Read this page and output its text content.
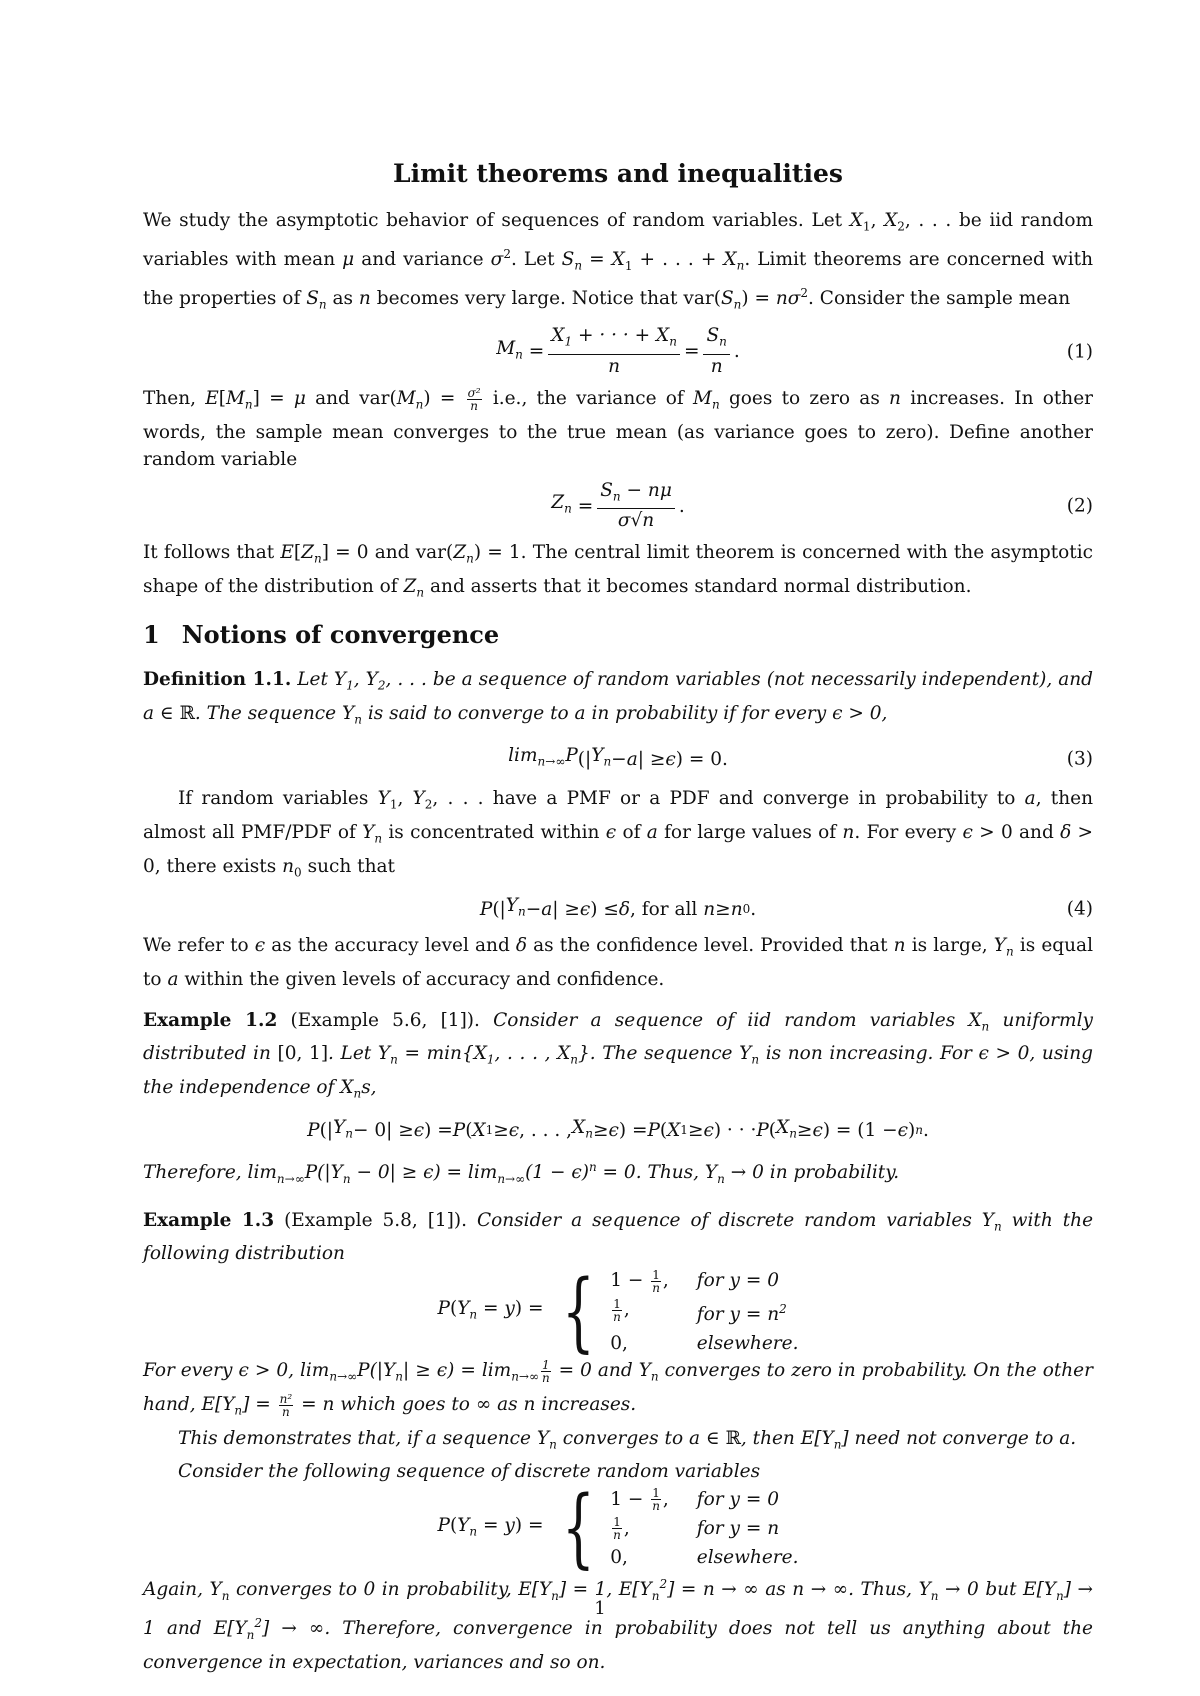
Limit theorems and inequalities

We study the asymptotic behavior of sequences of random variables. Let $X_1$, $X_2$, . . . be iid random variables with mean μ and variance $\sigma^2$. Let $S_n = X_1$ + . . . + $X_n$. Limit theorems are concerned with the properties of $S_n$ as n becomes very large. Notice that $var(S_n) = n\sigma^2$. Consider the sample mean

$M_n = \frac{X_1 + \cdot \cdot \cdot + X_n}{n} = \frac{S_n}{n}$ .	(1)

Then, $E[M_n] = \mu$ and $var(M_n) = \frac{\text{σ²}}{n} i.e$., the variance of $M_n$ goes to zero as n increases. In other words, the sample mean converges to the true mean (as variance goes to zero). Define another random variable

$Z_n = \frac{S_n - n\mu}{\sigma√n}$ .	(2)

It follows that $E[Z_n] = 0$ and $var(Z_n) = 1$. The central limit theorem is concerned with the asymptotic shape of the distribution of $Z_n$ and asserts that it becomes standard normal distribution.

1 Notions of convergence

Definition 1.1. Let $Y_1$, $Y_2$, . . . be a sequence of random variables (not necessarily independent), and a ∈ ℝ. The sequence $Y_n$ is said to converge to a in probability if for every ϵ > 0,

$\lim_{n\to\infty}P$ (| $Y_n - a$ | ≥ ϵ ) = 0.	(3)

If random variables $Y_1$, $Y_2$, . . . have a PMF or a PDF and converge in probability to a, then almost all PMF/PDF of $Y_n$ is concentrated within ϵ of a for large values of n. For every ϵ > 0 and δ > 0, there exists $n_0$ such that

P (| $Y_n - a$ | ≥ ϵ ) ≤ δ , for all
n ≥ n 0 .	(4)

We refer to ϵ as the accuracy level and δ as the confidence level. Provided that n is large, $Y_n$ is equal to a within the given levels of accuracy and confidence.

Example 1.2 (Example 5.6, [1]). Consider a sequence of iid random variables $X_n$ uniformly distributed in [0, 1]. Let $Y_n = \min\{X_1$, . . . , $X_n$}. The sequence $Y_n$ is non increasing. For ϵ > 0, using the independence of $X_ns$,

P (| $Y_n - 0| \ge \epsilon$ ) = P ( X 1 ≥ ϵ , . . . , $X_n \ge \epsilon$ ) = P ( X 1 ≥ ϵ ) · · · P ( $X_n \ge \epsilon$ ) = (1 − ϵ ) n .

Therefore, $\lim_{n\to\infty}P(|Y_n - 0| \ge \epsilon) = \lim_{n\to\infty}(1 - \epsilon)^n = 0$. Thus, $Y_n \to 0$ in probability.

Example 1.3 (Example 5.8, [1]). Consider a sequence of discrete random variables $Y_n$ with the following distribution

$P(Y_n = y)$ = { $1 - \frac{1}{n}$ , for y = 0
$\frac{1}{n}$ ,	for $y = n^2$
0,	elsewhere.

For every ϵ > 0, $\lim_{n\to\infty}P(|Y_n| \ge \epsilon) = \lim_{n\to\infty} \frac{1}{n} = 0$ and $Y_n$ converges to zero in probability. On the other hand, $E[Y_n] = \frac{\text{n²}}{n} = n$ which goes to ∞ as n increases.

This demonstrates that, if a sequence $Y_n$ converges to a ∈ ℝ, then $E[Y_n]$ need not converge to a.

Consider the following sequence of discrete random variables

$P(Y_n = y)$ = { $1 - \frac{1}{n}$ , for y = 0
$\frac{1}{n}$ ,	for y = n
0,	elsewhere.

Again, $Y_n$ converges to 0 in probability, $E[Y_n] = 1$, $E[Y_n^2] = n$ → ∞ as n → ∞. Thus, $Y_n \to 0$ but $E[Y_n] \to 1$ and $E[Y_n^2]$ → ∞. Therefore, convergence in probability does not tell us anything about the convergence in expectation, variances and so on.

1
